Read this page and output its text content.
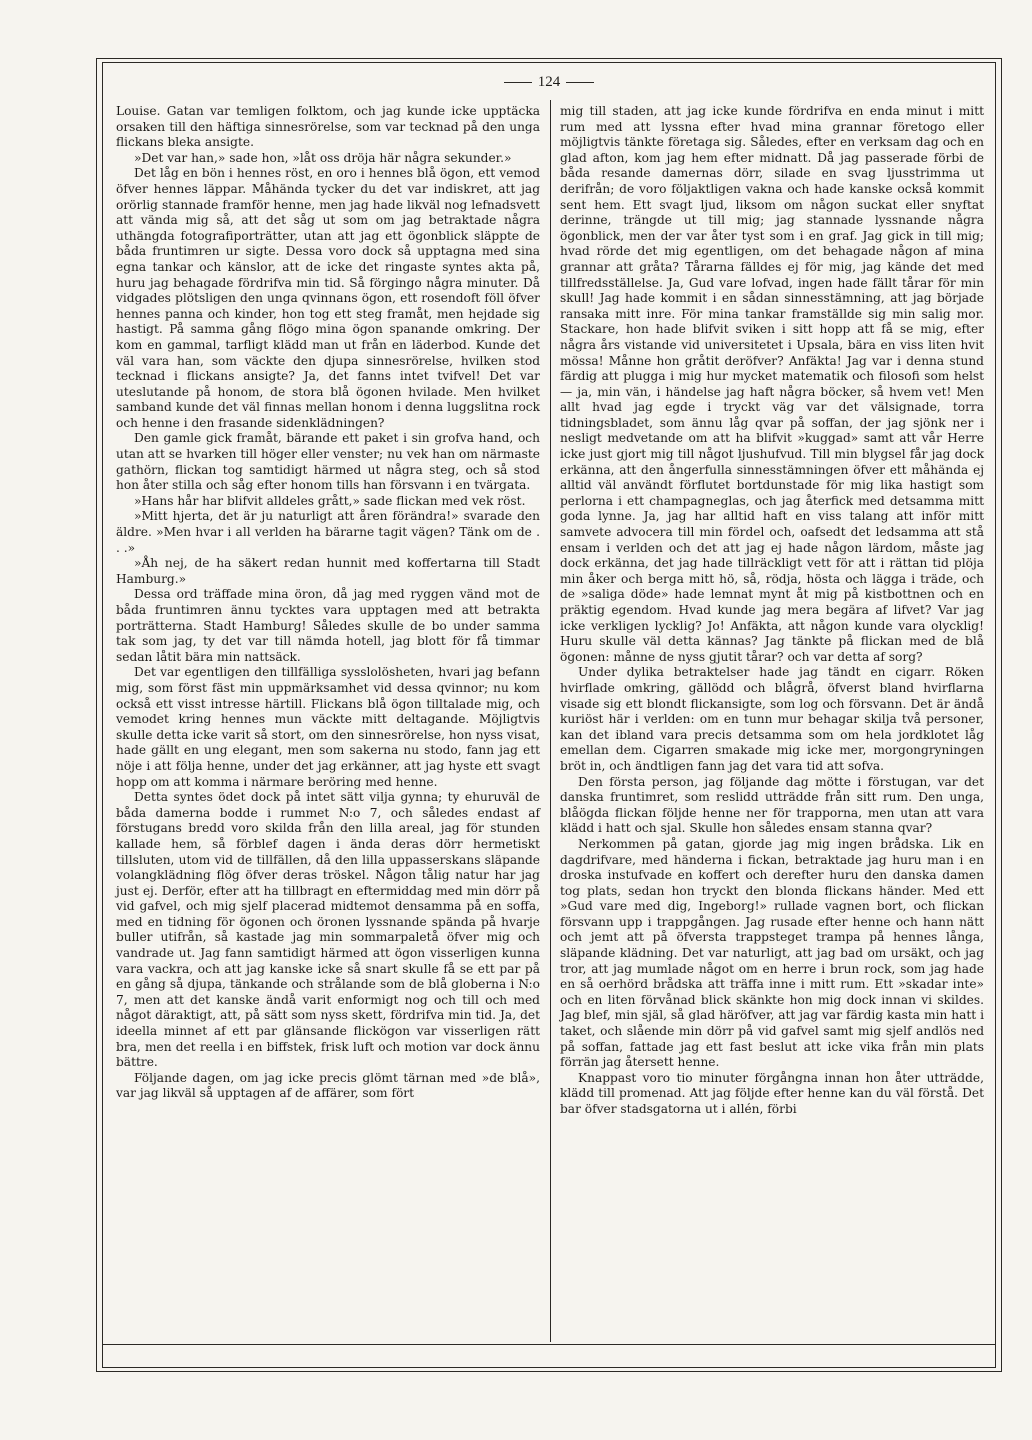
124

Louise. Gatan var temligen folktom, och jag kunde icke upptäcka orsaken till den häftiga sinnesrörelse, som var tecknad på den unga flickans bleka ansigte.

»Det var han,» sade hon, »låt oss dröja här några sekunder.»

Det låg en bön i hennes röst, en oro i hennes blå ögon, ett vemod öfver hennes läppar. Måhända tycker du det var indiskret, att jag orörlig stannade framför henne, men jag hade likväl nog lefnadsvett att vända mig så, att det såg ut som om jag betraktade några uthängda fotografiporträtter, utan att jag ett ögonblick släppte de båda fruntimren ur sigte. Dessa voro dock så upptagna med sina egna tankar och känslor, att de icke det ringaste syntes akta på, huru jag behagade fördrifva min tid. Så förgingo några minuter. Då vidgades plötsligen den unga qvinnans ögon, ett rosendoft föll öfver hennes panna och kinder, hon tog ett steg framåt, men hejdade sig hastigt. På samma gång flögo mina ögon spanande omkring. Der kom en gammal, tarfligt klädd man ut från en läderbod. Kunde det väl vara han, som väckte den djupa sinnesrörelse, hvilken stod tecknad i flickans ansigte? Ja, det fanns intet tvifvel! Det var uteslutande på honom, de stora blå ögonen hvilade. Men hvilket samband kunde det väl finnas mellan honom i denna luggslitna rock och henne i den frasande sidenklädningen?

Den gamle gick framåt, bärande ett paket i sin grofva hand, och utan att se hvarken till höger eller venster; nu vek han om närmaste gathörn, flickan tog samtidigt härmed ut några steg, och så stod hon åter stilla och såg efter honom tills han försvann i en tvärgata.

»Hans hår har blifvit alldeles grått,» sade flickan med vek röst.

»Mitt hjerta, det är ju naturligt att åren förändra!» svarade den äldre. »Men hvar i all verlden ha bärarne tagit vägen? Tänk om de . . .»

»Åh nej, de ha säkert redan hunnit med koffertarna till Stadt Hamburg.»

Dessa ord träffade mina öron, då jag med ryggen vänd mot de båda fruntimren ännu tycktes vara upptagen med att betrakta porträtterna. Stadt Hamburg! Således skulle de bo under samma tak som jag, ty det var till nämda hotell, jag blott för få timmar sedan låtit bära min nattsäck.

Det var egentligen den tillfälliga sysslolösheten, hvari jag befann mig, som först fäst min uppmärksamhet vid dessa qvinnor; nu kom också ett visst intresse härtill. Flickans blå ögon tilltalade mig, och vemodet kring hennes mun väckte mitt deltagande. Möjligtvis skulle detta icke varit så stort, om den sinnesrörelse, hon nyss visat, hade gällt en ung elegant, men som sakerna nu stodo, fann jag ett nöje i att följa henne, under det jag erkänner, att jag hyste ett svagt hopp om att komma i närmare beröring med henne.

Detta syntes ödet dock på intet sätt vilja gynna; ty ehuruväl de båda damerna bodde i rummet N:o 7, och således endast af förstugans bredd voro skilda från den lilla areal, jag för stunden kallade hem, så förblef dagen i ända deras dörr hermetiskt tillsluten, utom vid de tillfällen, då den lilla uppasserskans släpande volangklädning flög öfver deras tröskel. Någon tålig natur har jag just ej. Derför, efter att ha tillbragt en eftermiddag med min dörr på vid gafvel, och mig sjelf placerad midtemot densamma på en soffa, med en tidning för ögonen och öronen lyssnande spända på hvarje buller utifrån, så kastade jag min sommarpaletå öfver mig och vandrade ut. Jag fann samtidigt härmed att ögon visserligen kunna vara vackra, och att jag kanske icke så snart skulle få se ett par på en gång så djupa, tänkande och strålande som de blå globerna i N:o 7, men att det kanske ändå varit enformigt nog och till och med något däraktigt, att, på sätt som nyss skett, fördrifva min tid. Ja, det ideella minnet af ett par glänsande flickögon var visserligen rätt bra, men det reella i en biffstek, frisk luft och motion var dock ännu bättre.

Följande dagen, om jag icke precis glömt tärnan med »de blå», var jag likväl så upptagen af de affärer, som fört

mig till staden, att jag icke kunde fördrifva en enda minut i mitt rum med att lyssna efter hvad mina grannar företogo eller möjligtvis tänkte företaga sig. Således, efter en verksam dag och en glad afton, kom jag hem efter midnatt. Då jag passerade förbi de båda resande damernas dörr, silade en svag ljusstrimma ut derifrån; de voro följaktligen vakna och hade kanske också kommit sent hem. Ett svagt ljud, liksom om någon suckat eller snyftat derinne, trängde ut till mig; jag stannade lyssnande några ögonblick, men der var åter tyst som i en graf. Jag gick in till mig; hvad rörde det mig egentligen, om det behagade någon af mina grannar att gråta? Tårarna fälldes ej för mig, jag kände det med tillfredsställelse. Ja, Gud vare lofvad, ingen hade fällt tårar för min skull! Jag hade kommit i en sådan sinnesstämning, att jag började ransaka mitt inre. För mina tankar framställde sig min salig mor. Stackare, hon hade blifvit sviken i sitt hopp att få se mig, efter några års vistande vid universitetet i Upsala, bära en viss liten hvit mössa! Månne hon gråtit deröfver? Anfäkta! Jag var i denna stund färdig att plugga i mig hur mycket matematik och filosofi som helst — ja, min vän, i händelse jag haft några böcker, så hvem vet! Men allt hvad jag egde i tryckt väg var det välsignade, torra tidningsbladet, som ännu låg qvar på soffan, der jag sjönk ner i nesligt medvetande om att ha blifvit »kuggad» samt att vår Herre icke just gjort mig till något ljushufvud. Till min blygsel får jag dock erkänna, att den ångerfulla sinnesstämningen öfver ett måhända ej alltid väl användt förflutet bortdunstade för mig lika hastigt som perlorna i ett champagneglas, och jag återfick med detsamma mitt goda lynne. Ja, jag har alltid haft en viss talang att inför mitt samvete advocera till min fördel och, oafsedt det ledsamma att stå ensam i verlden och det att jag ej hade någon lärdom, måste jag dock erkänna, det jag hade tillräckligt vett för att i rättan tid plöja min åker och berga mitt hö, så, rödja, hösta och lägga i träde, och de »saliga döde» hade lemnat mynt åt mig på kistbottnen och en präktig egendom. Hvad kunde jag mera begära af lifvet? Var jag icke verkligen lycklig? Jo! Anfäkta, att någon kunde vara olycklig! Huru skulle väl detta kännas? Jag tänkte på flickan med de blå ögonen: månne de nyss gjutit tårar? och var detta af sorg?

Under dylika betraktelser hade jag tändt en cigarr. Röken hvirflade omkring, gällödd och blågrå, öfverst bland hvirflarna visade sig ett blondt flickansigte, som log och försvann. Det är ändå kuriöst här i verlden: om en tunn mur behagar skilja två personer, kan det ibland vara precis detsamma som om hela jordklotet låg emellan dem. Cigarren smakade mig icke mer, morgongryningen bröt in, och ändtligen fann jag det vara tid att sofva.

Den första person, jag följande dag mötte i förstugan, var det danska fruntimret, som reslidd utträdde från sitt rum. Den unga, blåögda flickan följde henne ner för trapporna, men utan att vara klädd i hatt och sjal. Skulle hon således ensam stanna qvar?

Nerkommen på gatan, gjorde jag mig ingen brådska. Lik en dagdrifvare, med händerna i fickan, betraktade jag huru man i en droska instufvade en koffert och derefter huru den danska damen tog plats, sedan hon tryckt den blonda flickans händer. Med ett »Gud vare med dig, Ingeborg!» rullade vagnen bort, och flickan försvann upp i trappgången. Jag rusade efter henne och hann nätt och jemt att på öfversta trappsteget trampa på hennes långa, släpande klädning. Det var naturligt, att jag bad om ursäkt, och jag tror, att jag mumlade något om en herre i brun rock, som jag hade en så oerhörd brådska att träffa inne i mitt rum. Ett »skadar inte» och en liten förvånad blick skänkte hon mig dock innan vi skildes. Jag blef, min själ, så glad häröfver, att jag var färdig kasta min hatt i taket, och slående min dörr på vid gafvel samt mig sjelf andlös ned på soffan, fattade jag ett fast beslut att icke vika från min plats förrän jag återsett henne.

Knappast voro tio minuter förgångna innan hon åter utträdde, klädd till promenad. Att jag följde efter henne kan du väl förstå. Det bar öfver stadsgatorna ut i allén, förbi
